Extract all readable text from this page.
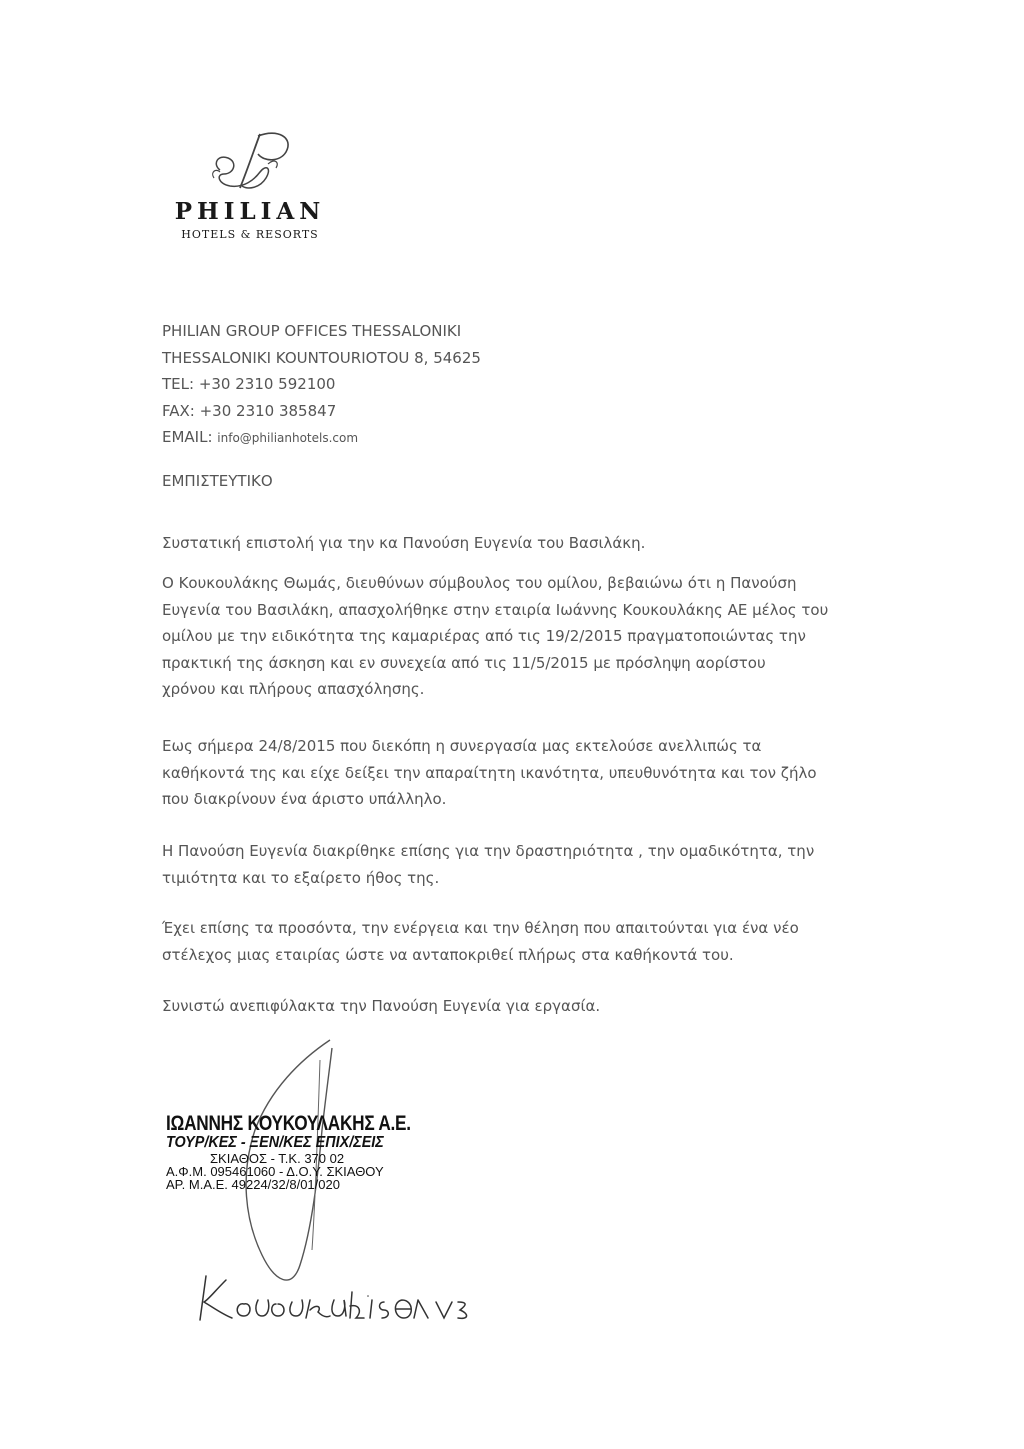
PHILIAN
HOTELS & RESORTS
PHILIAN GROUP OFFICES THESSALONIKI
THESSALONIKI KOUNTOURIOTOU 8, 54625
TEL: +30 2310 592100
FAX: +30 2310 385847
EMAIL: info@philianhotels.com
ΕΜΠΙΣΤΕΥΤΙΚΟ
Συστατική επιστολή για την κα Πανούση Ευγενία του Βασιλάκη.
Ο Κουκουλάκης Θωμάς, διευθύνων σύμβουλος του ομίλου, βεβαιώνω ότι η Πανούση
Ευγενία του Βασιλάκη, απασχολήθηκε στην εταιρία Ιωάννης Κουκουλάκης ΑΕ μέλος του
ομίλου με την ειδικότητα της καμαριέρας από τις 19/2/2015 πραγματοποιώντας την
πρακτική της άσκηση και εν συνεχεία από τις 11/5/2015 με πρόσληψη αορίστου
χρόνου και πλήρους απασχόλησης.
Εως σήμερα 24/8/2015 που διεκόπη η συνεργασία μας εκτελούσε ανελλιπώς τα
καθήκοντά της και είχε δείξει την απαραίτητη ικανότητα, υπευθυνότητα και τον ζήλο
που διακρίνουν ένα άριστο υπάλληλο.
Η Πανούση Ευγενία διακρίθηκε επίσης για την δραστηριότητα , την ομαδικότητα, την
τιμιότητα και το εξαίρετο ήθος της.
Έχει επίσης τα προσόντα, την ενέργεια και την θέληση που απαιτούνται για ένα νέο
στέλεχος μιας εταιρίας ώστε να ανταποκριθεί πλήρως στα καθήκοντά του.
Συνιστώ ανεπιφύλακτα την Πανούση Ευγενία για εργασία.
ΙΩΑΝΝΗΣ ΚΟΥΚΟΥΛΑΚΗΣ Α.Ε.
ΤΟΥΡ/ΚΕΣ - ΞΕΝ/ΚΕΣ ΕΠΙΧ/ΣΕΙΣ
ΣΚΙΑΘΟΣ - Τ.Κ. 370 02
Α.Φ.Μ. 095461060 - Δ.Ο.Υ. ΣΚΙΑΘΟΥ
ΑΡ. Μ.Α.Ε. 49224/32/8/01/020
